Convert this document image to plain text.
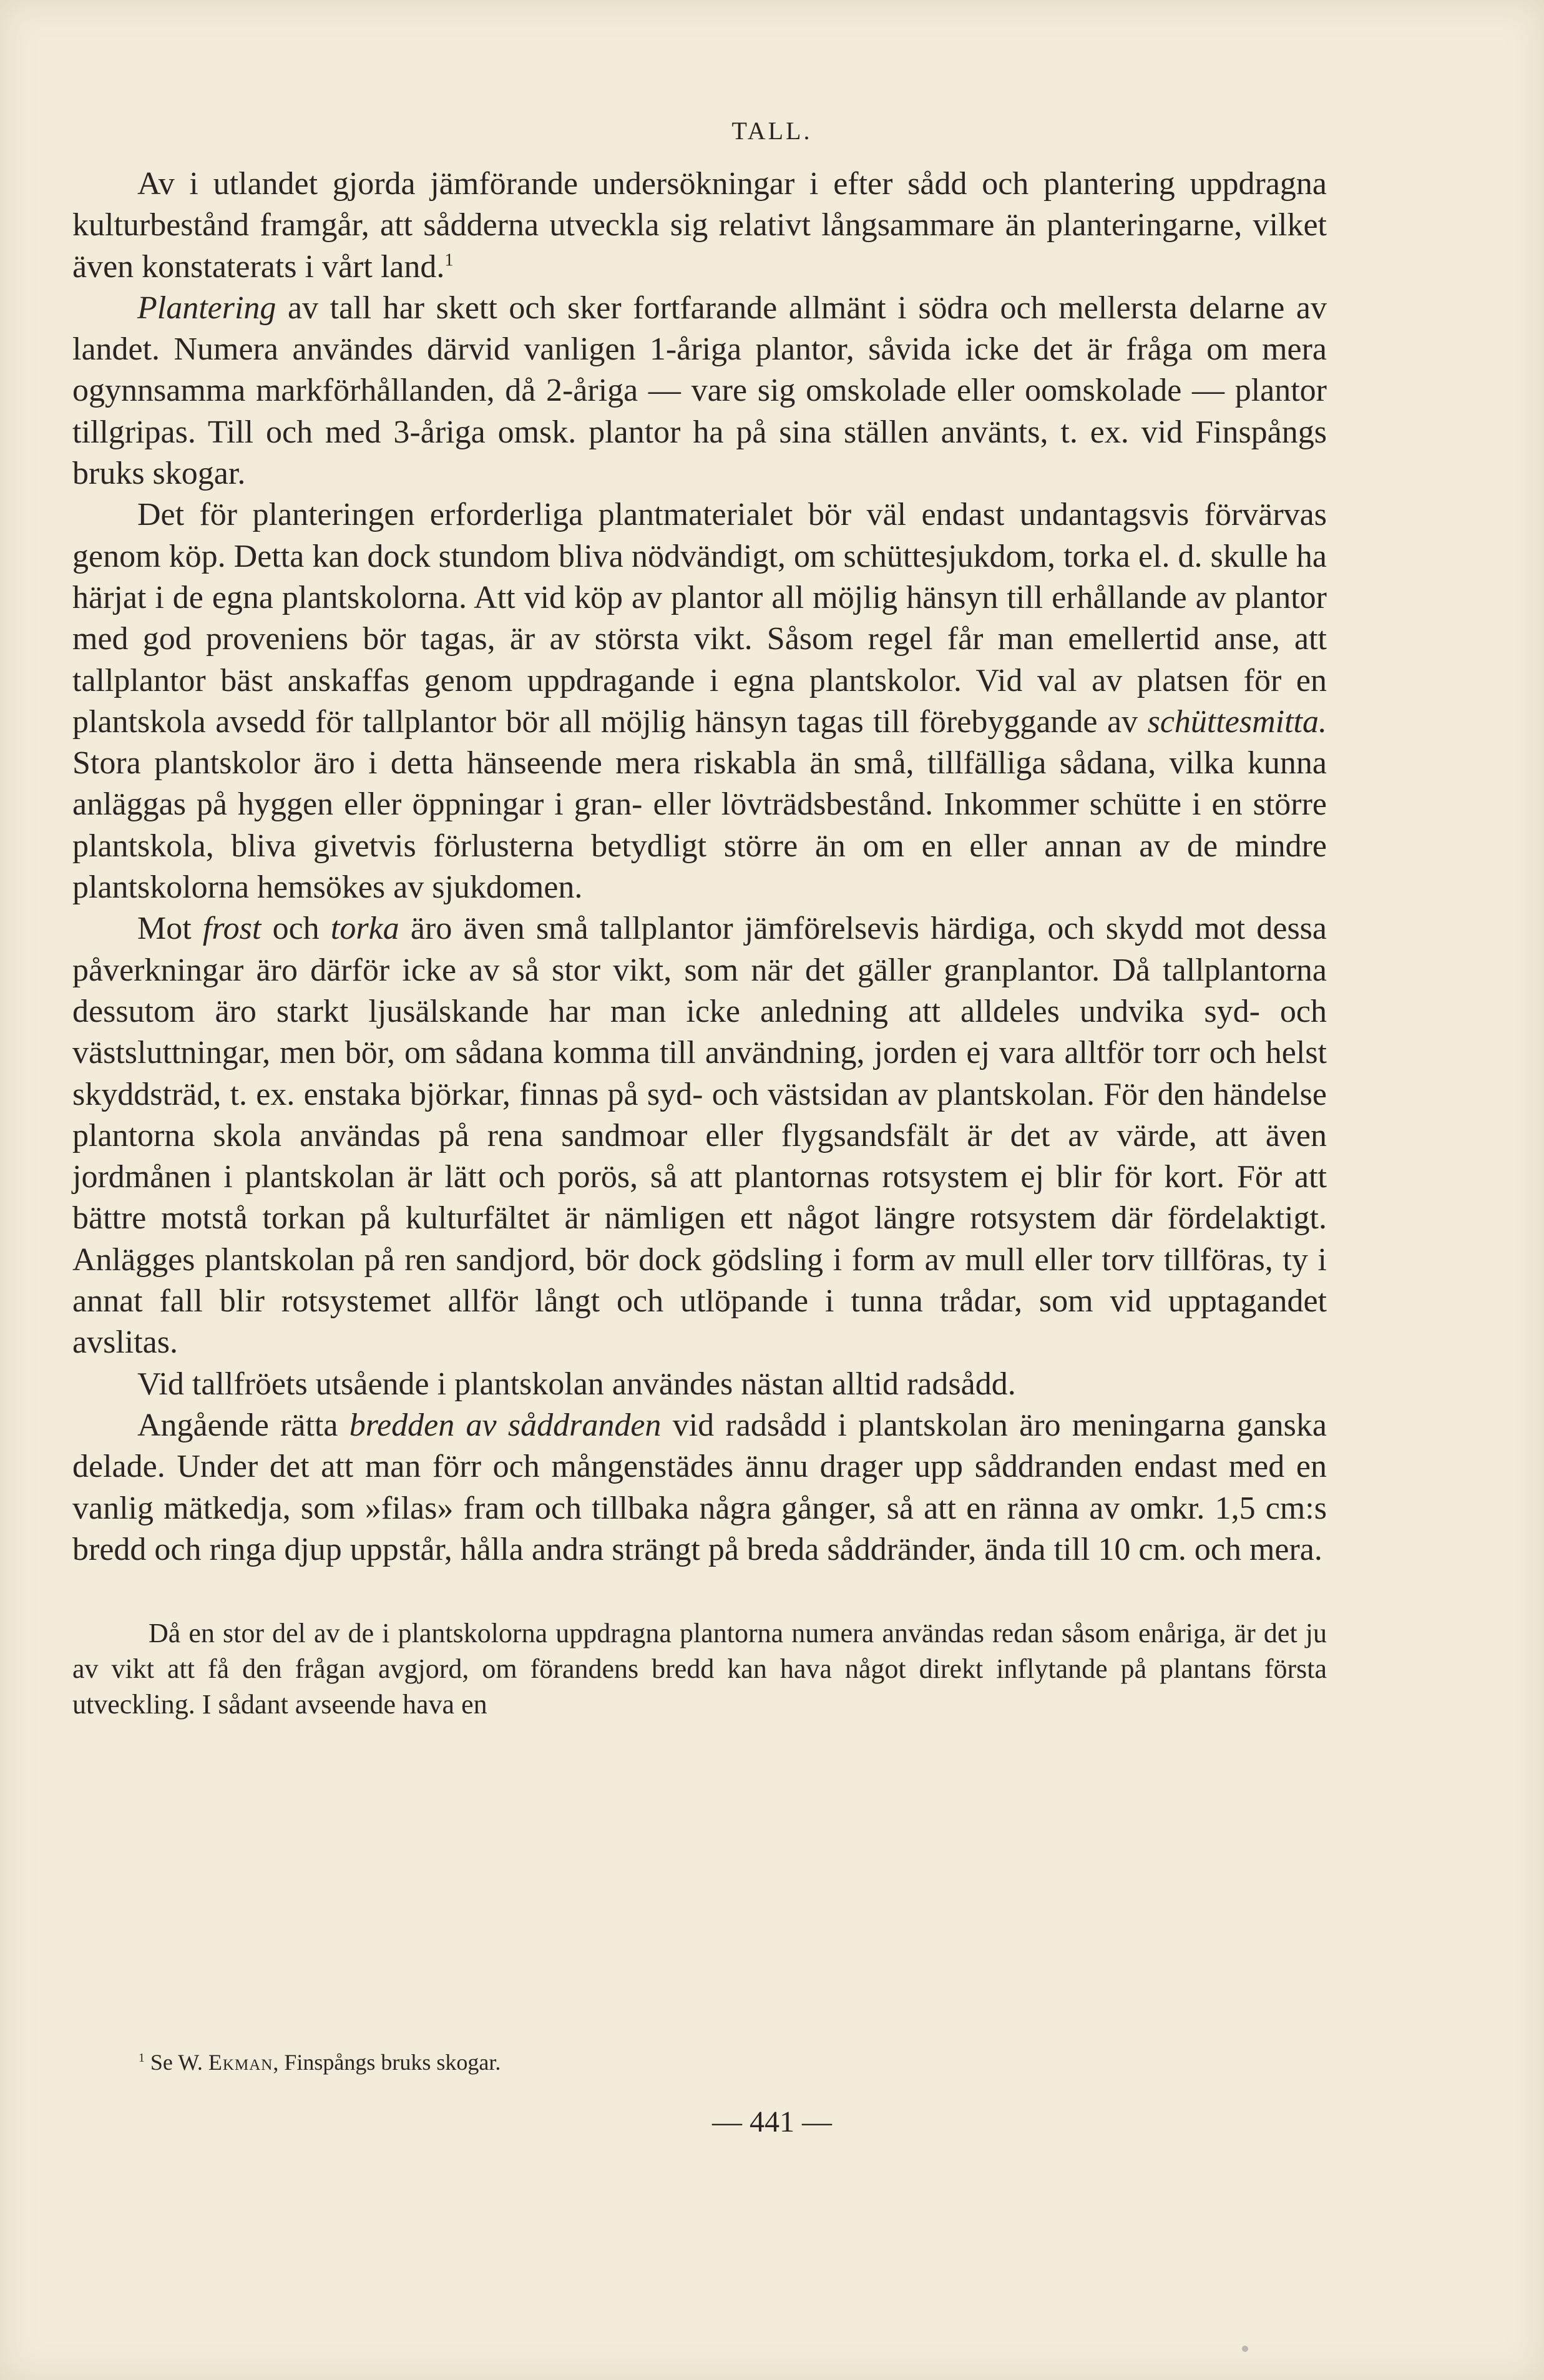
TALL.

Av i utlandet gjorda jämförande undersökningar i efter sådd och plantering uppdragna kulturbestånd framgår, att sådderna utveckla sig relativt långsammare än planteringarne, vilket även konstaterats i vårt land.$^1$

Plantering av tall har skett och sker fortfarande allmänt i södra och mellersta delarne av landet. Numera användes därvid vanligen 1-åriga plantor, såvida icke det är fråga om mera ogynnsamma markförhållanden, då 2-åriga — vare sig omskolade eller oomskolade — plantor tillgripas. Till och med 3-åriga omsk. plantor ha på sina ställen använts, t. ex. vid Finspångs bruks skogar.

Det för planteringen erforderliga plantmaterialet bör väl endast undantagsvis förvärvas genom köp. Detta kan dock stundom bliva nödvändigt, om schüttesjukdom, torka el. d. skulle ha härjat i de egna plantskolorna. Att vid köp av plantor all möjlig hänsyn till erhållande av plantor med god proveniens bör tagas, är av största vikt. Såsom regel får man emellertid anse, att tallplantor bäst anskaffas genom uppdragande i egna plantskolor. Vid val av platsen för en plantskola avsedd för tallplantor bör all möjlig hänsyn tagas till förebyggande av schüttesmitta. Stora plantskolor äro i detta hänseende mera riskabla än små, tillfälliga sådana, vilka kunna anläggas på hyggen eller öppningar i gran- eller lövträdsbestånd. Inkommer schütte i en större plantskola, bliva givetvis förlusterna betydligt större än om en eller annan av de mindre plantskolorna hemsökes av sjukdomen.

Mot frost och torka äro även små tallplantor jämförelsevis härdiga, och skydd mot dessa påverkningar äro därför icke av så stor vikt, som när det gäller granplantor. Då tallplantorna dessutom äro starkt ljusälskande har man icke anledning att alldeles undvika syd- och västsluttningar, men bör, om sådana komma till användning, jorden ej vara alltför torr och helst skyddsträd, t. ex. enstaka björkar, finnas på syd- och västsidan av plantskolan. För den händelse plantorna skola användas på rena sandmoar eller flygsandsfält är det av värde, att även jordmånen i plantskolan är lätt och porös, så att plantornas rotsystem ej blir för kort. För att bättre motstå torkan på kulturfältet är nämligen ett något längre rotsystem där fördelaktigt. Anlägges plantskolan på ren sandjord, bör dock gödsling i form av mull eller torv tillföras, ty i annat fall blir rotsystemet allför långt och utlöpande i tunna trådar, som vid upptagandet avslitas.

Vid tallfröets utsående i plantskolan användes nästan alltid radsådd.

Angående rätta bredden av såddranden vid radsådd i plantskolan äro meningarna ganska delade. Under det att man förr och mångenstädes ännu drager upp såddranden endast med en vanlig mätkedja, som »filas» fram och tillbaka några gånger, så att en ränna av omkr. 1,5 cm:s bredd och ringa djup uppstår, hålla andra strängt på breda såddränder, ända till 10 cm. och mera.

Då en stor del av de i plantskolorna uppdragna plantorna numera användas redan såsom enåriga, är det ju av vikt att få den frågan avgjord, om förandens bredd kan hava något direkt inflytande på plantans första utveckling. I sådant avseende hava en

$^1$ Se W. Ekman, Finspångs bruks skogar.
— 441 —
